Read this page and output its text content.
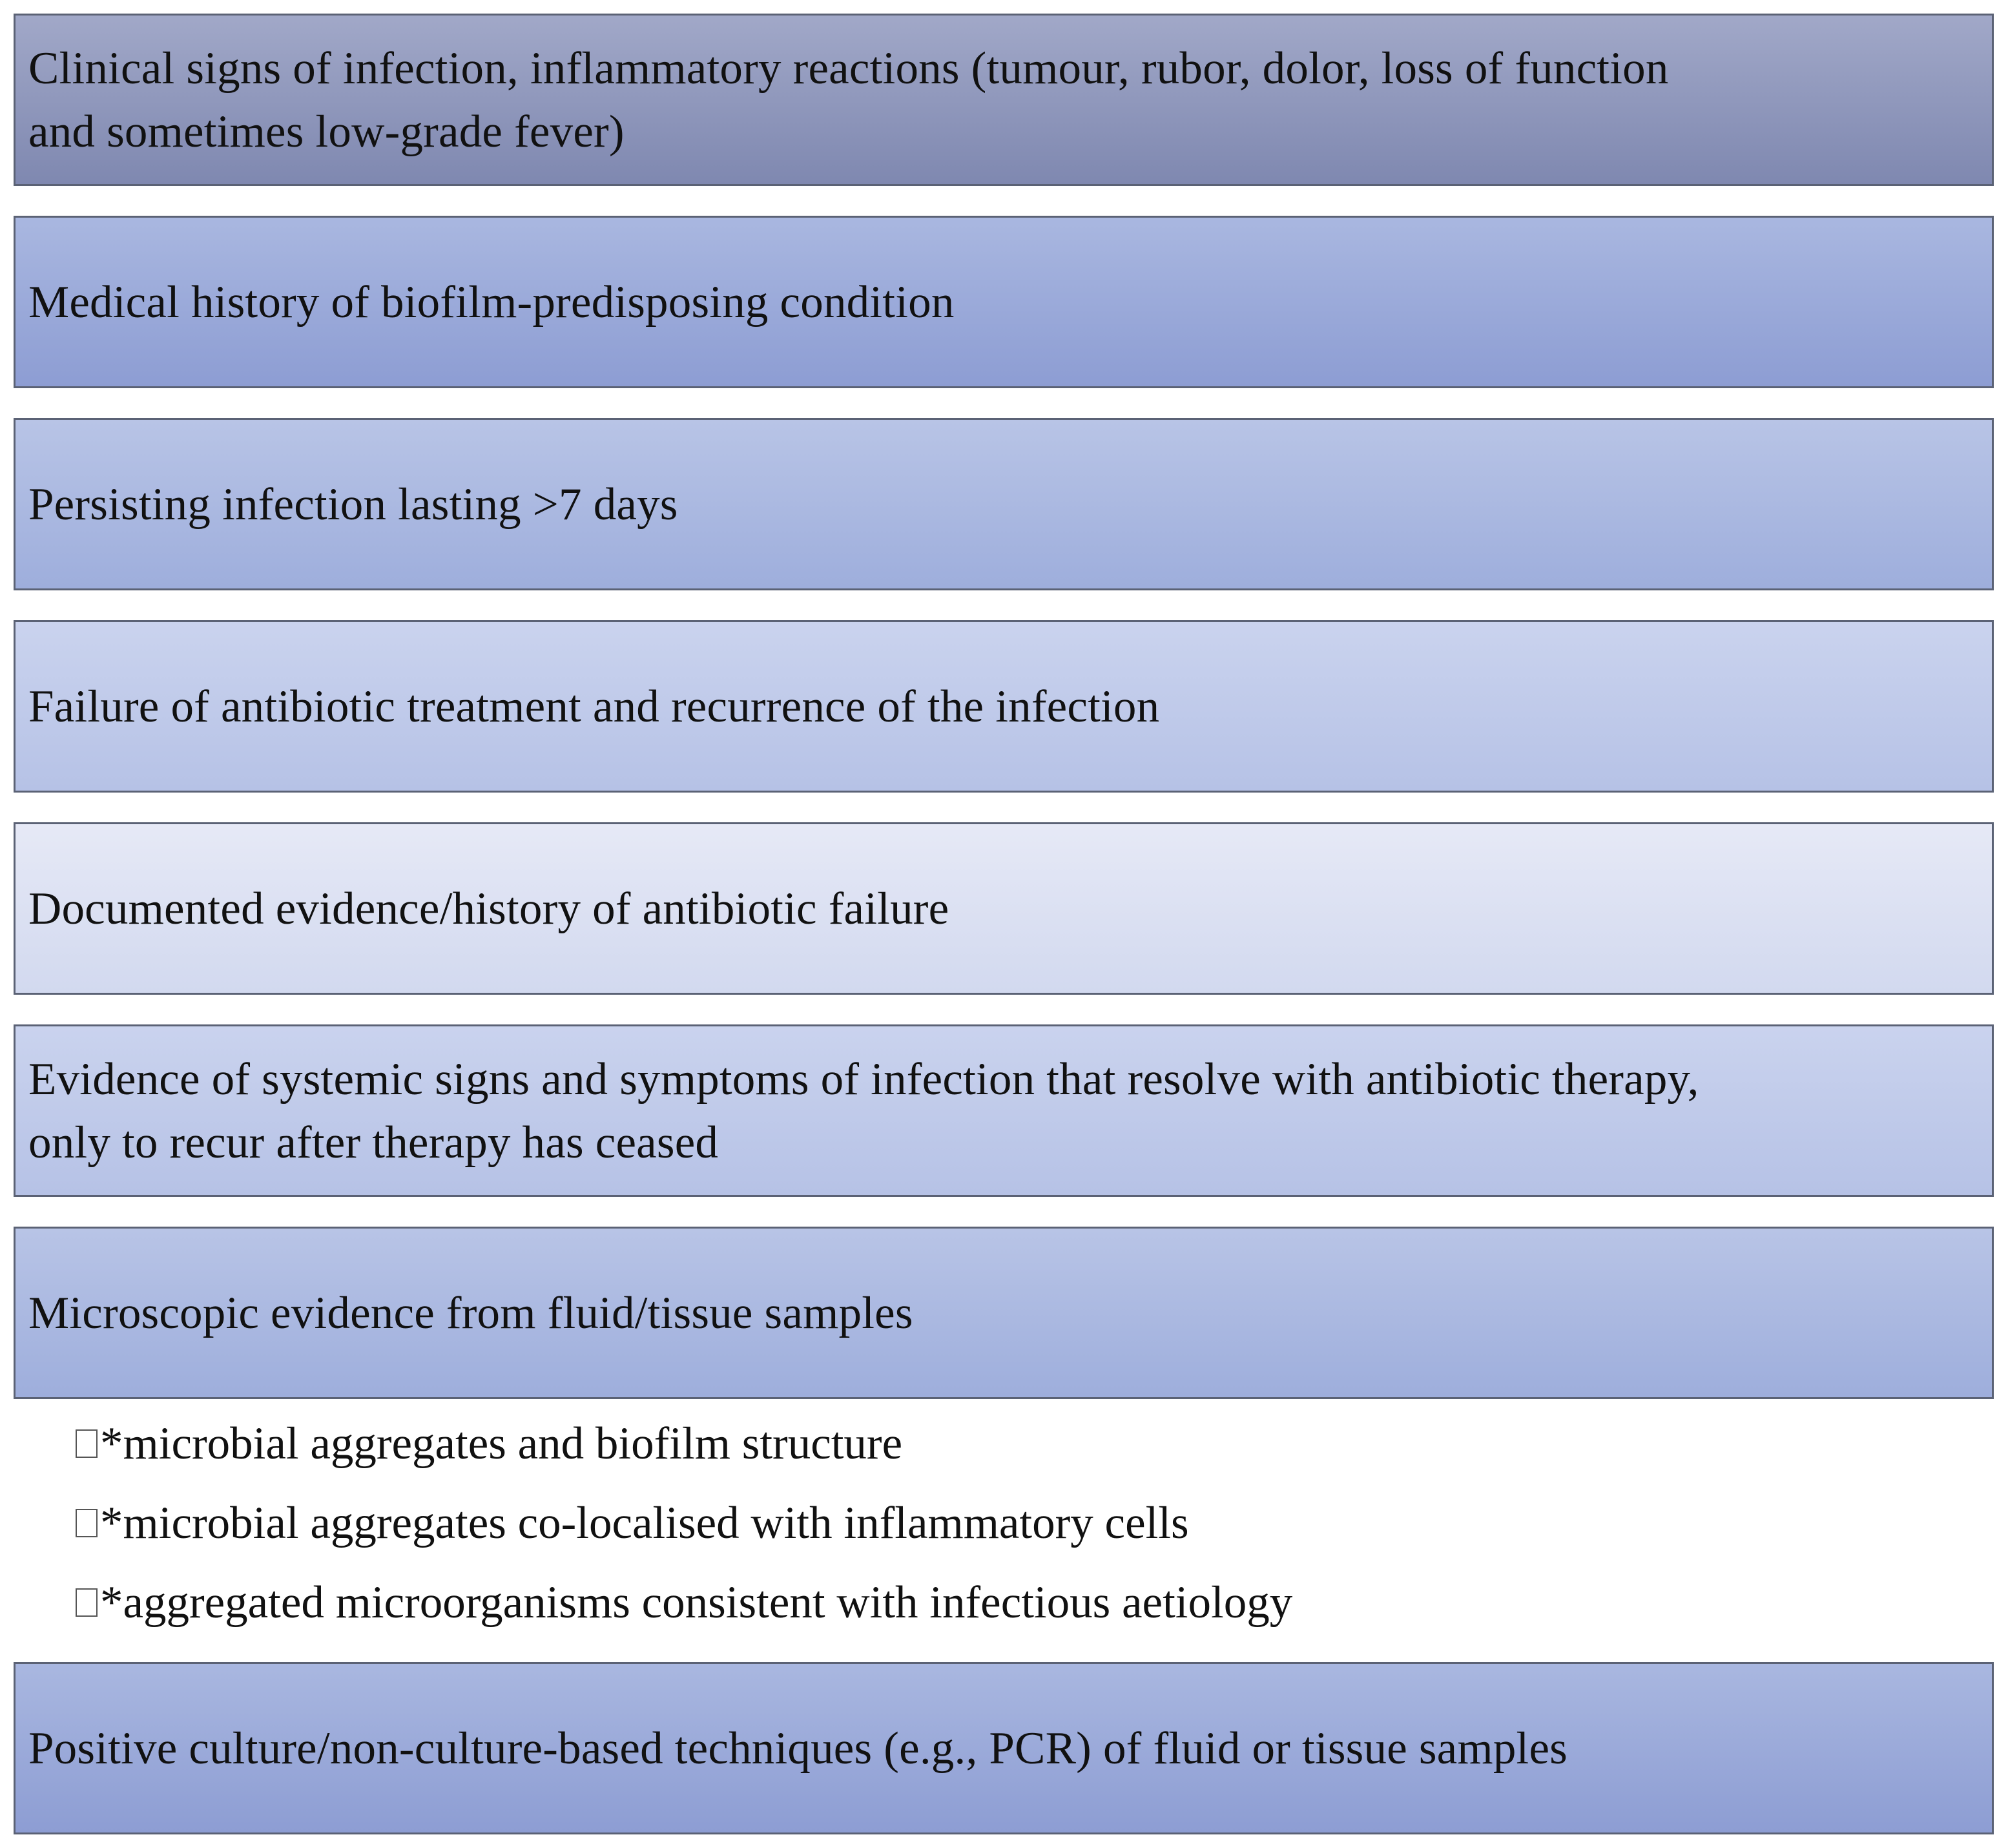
Clinical signs of infection, inflammatory reactions (tumour, rubor, dolor, loss of function
and sometimes low-grade fever)
Medical history of biofilm-predisposing condition
Persisting infection lasting >7 days
Failure of antibiotic treatment and recurrence of the infection
Documented evidence/history of antibiotic failure
Evidence of systemic signs and symptoms of infection that resolve with antibiotic therapy,
only to recur after therapy has ceased
Microscopic evidence from fluid/tissue samples
*microbial aggregates and biofilm structure
*microbial aggregates co-localised with inflammatory cells
*aggregated microorganisms consistent with infectious aetiology
Positive culture/non-culture-based techniques (e.g., PCR) of fluid or tissue samples
